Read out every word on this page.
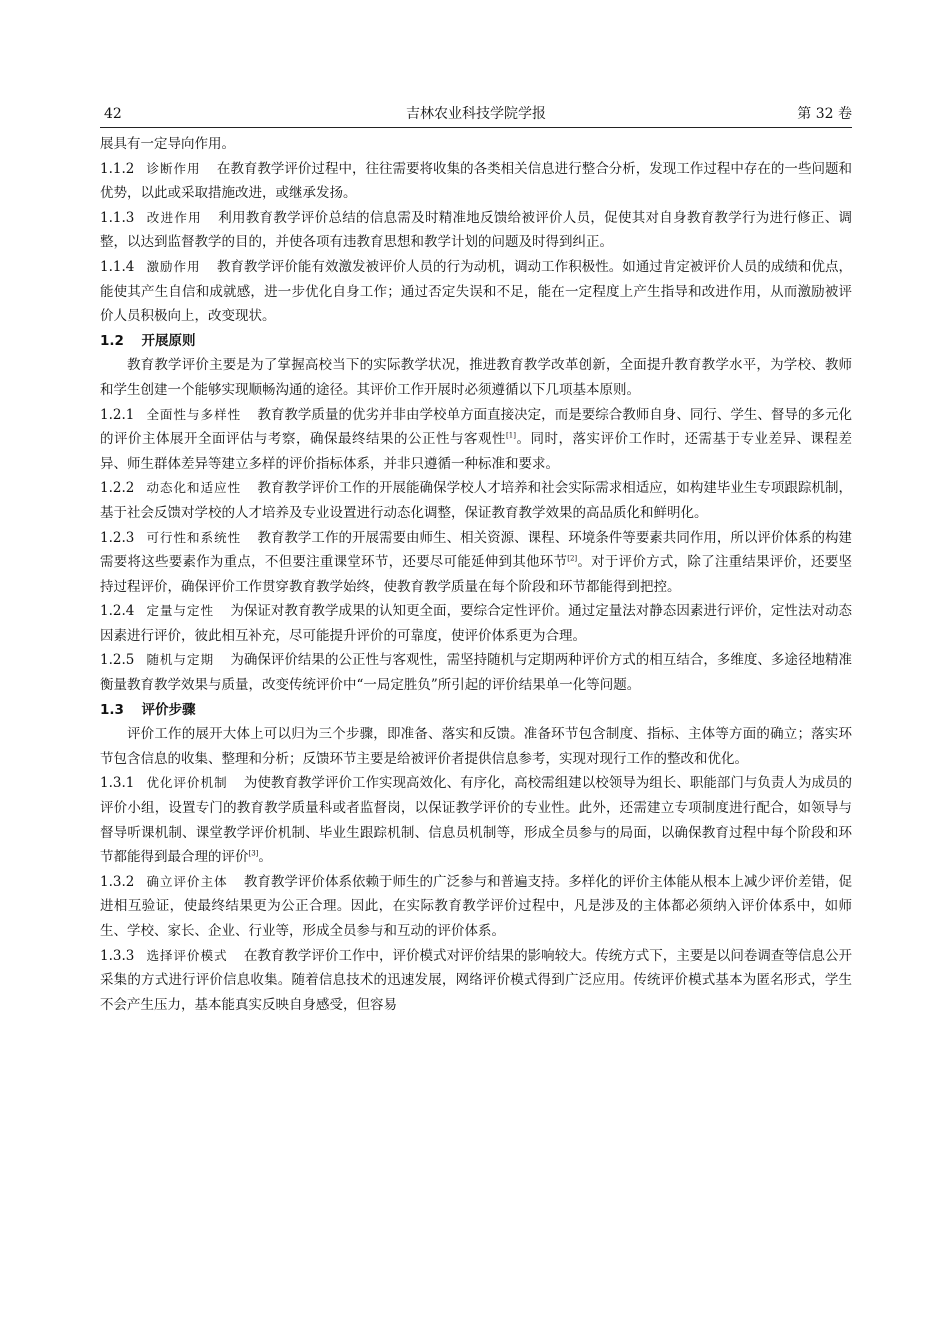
42	吉林农业科技学院学报	第 32 卷

展具有一定导向作用。

1.1.2 诊断作用 在教育教学评价过程中，往往需要将收集的各类相关信息进行整合分析，发现工作过程中存在的一些问题和优势，以此或采取措施改进，或继承发扬。

1.1.3 改进作用 利用教育教学评价总结的信息需及时精准地反馈给被评价人员，促使其对自身教育教学行为进行修正、调整，以达到监督教学的目的，并使各项有违教育思想和教学计划的问题及时得到纠正。

1.1.4 激励作用 教育教学评价能有效激发被评价人员的行为动机，调动工作积极性。如通过肯定被评价人员的成绩和优点，能使其产生自信和成就感，进一步优化自身工作；通过否定失误和不足，能在一定程度上产生指导和改进作用，从而激励被评价人员积极向上，改变现状。

1.2 开展原则

教育教学评价主要是为了掌握高校当下的实际教学状况，推进教育教学改革创新，全面提升教育教学水平，为学校、教师和学生创建一个能够实现顺畅沟通的途径。其评价工作开展时必须遵循以下几项基本原则。

1.2.1 全面性与多样性 教育教学质量的优劣并非由学校单方面直接决定，而是要综合教师自身、同行、学生、督导的多元化的评价主体展开全面评估与考察，确保最终结果的公正性与客观性[1]。同时，落实评价工作时，还需基于专业差异、课程差异、师生群体差异等建立多样的评价指标体系，并非只遵循一种标准和要求。

1.2.2 动态化和适应性 教育教学评价工作的开展能确保学校人才培养和社会实际需求相适应，如构建毕业生专项跟踪机制，基于社会反馈对学校的人才培养及专业设置进行动态化调整，保证教育教学效果的高品质化和鲜明化。

1.2.3 可行性和系统性 教育教学工作的开展需要由师生、相关资源、课程、环境条件等要素共同作用，所以评价体系的构建需要将这些要素作为重点，不但要注重课堂环节，还要尽可能延伸到其他环节[2]。对于评价方式，除了注重结果评价，还要坚持过程评价，确保评价工作贯穿教育教学始终，使教育教学质量在每个阶段和环节都能得到把控。

1.2.4 定量与定性 为保证对教育教学成果的认知更全面，要综合定性评价。通过定量法对静态因素进行评价，定性法对动态因素进行评价，彼此相互补充，尽可能提升评价的可靠度，使评价体系更为合理。

1.2.5 随机与定期 为确保评价结果的公正性与客观性，需坚持随机与定期两种评价方式的相互结合，多维度、多途径地精准衡量教育教学效果与质量，改变传统评价中“一局定胜负”所引起的评价结果单一化等问题。

1.3 评价步骤

评价工作的展开大体上可以归为三个步骤，即准备、落实和反馈。准备环节包含制度、指标、主体等方面的确立；落实环节包含信息的收集、整理和分析；反馈环节主要是给被评价者提供信息参考，实现对现行工作的整改和优化。

1.3.1 优化评价机制 为使教育教学评价工作实现高效化、有序化，高校需组建以校领导为组长、职能部门与负责人为成员的评价小组，设置专门的教育教学质量科或者监督岗，以保证教学评价的专业性。此外，还需建立专项制度进行配合，如领导与督导听课机制、课堂教学评价机制、毕业生跟踪机制、信息员机制等，形成全员参与的局面，以确保教育过程中每个阶段和环节都能得到最合理的评价[3]。

1.3.2 确立评价主体 教育教学评价体系依赖于师生的广泛参与和普遍支持。多样化的评价主体能从根本上减少评价差错，促进相互验证，使最终结果更为公正合理。因此，在实际教育教学评价过程中，凡是涉及的主体都必须纳入评价体系中，如师生、学校、家长、企业、行业等，形成全员参与和互动的评价体系。

1.3.3 选择评价模式 在教育教学评价工作中，评价模式对评价结果的影响较大。传统方式下，主要是以问卷调查等信息公开采集的方式进行评价信息收集。随着信息技术的迅速发展，网络评价模式得到广泛应用。传统评价模式基本为匿名形式，学生不会产生压力，基本能真实反映自身感受，但容易
